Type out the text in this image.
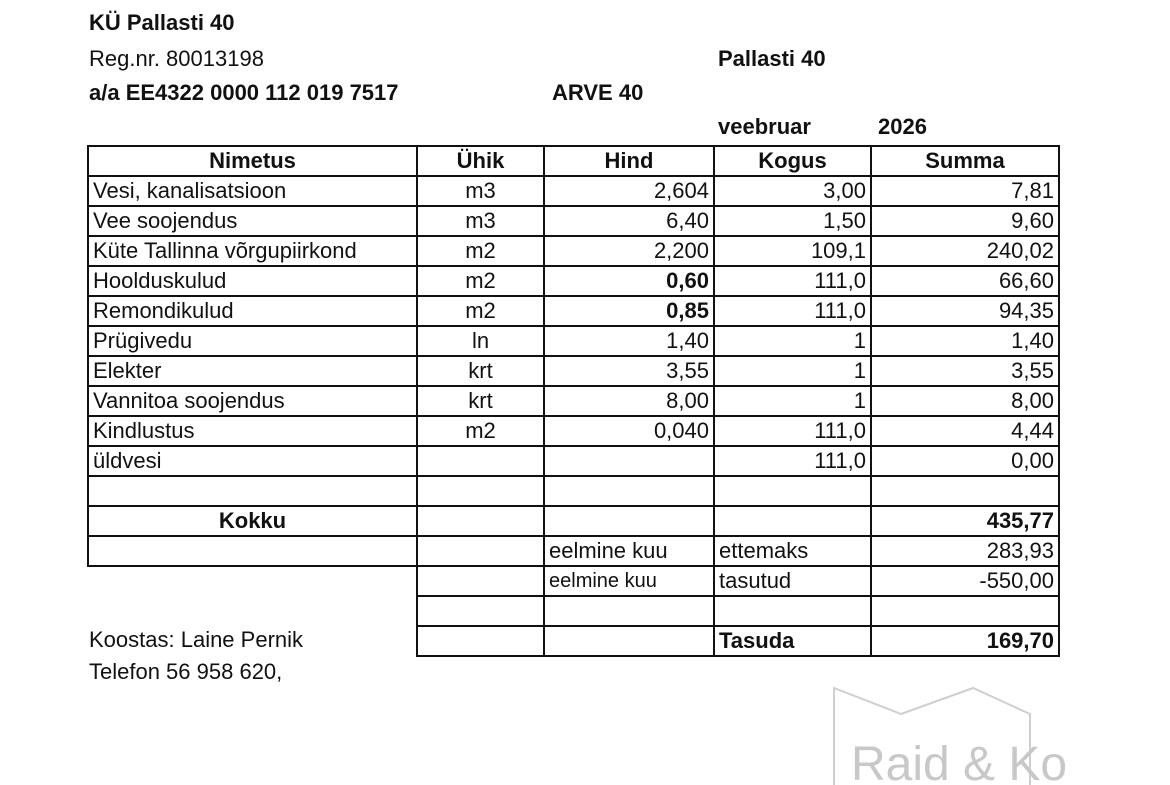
KÜ Pallasti 40
Reg.nr. 80013198
a/a EE4322 0000 112 019 7517	ARVE 40
Pallasti 40
veebruar	2026
Nimetus	Ühik	Hind	Kogus	Summa
Vesi, kanalisatsioon	m3	2,604	3,00	7,81
Vee soojendus	m3	6,40	1,50	9,60
Küte Tallinna võrgupiirkond	m2	2,200	109,1	240,02
Hoolduskulud	m2	0,60	111,0	66,60
Remondikulud	m2	0,85	111,0	94,35
Prügivedu	ln	1,40	1	1,40
Elekter	krt	3,55	1	3,55
Vannitoa soojendus	krt	8,00	1	8,00
Kindlustus	m2	0,040	111,0	4,44
üldvesi			111,0	0,00

Kokku				435,77
		eelmine kuu	ettemaks	283,93
		eelmine kuu	tasutud	-550,00

			Tasuda	169,70
Koostas: Laine Pernik
Telefon 56 958 620,
Raid & Ko
